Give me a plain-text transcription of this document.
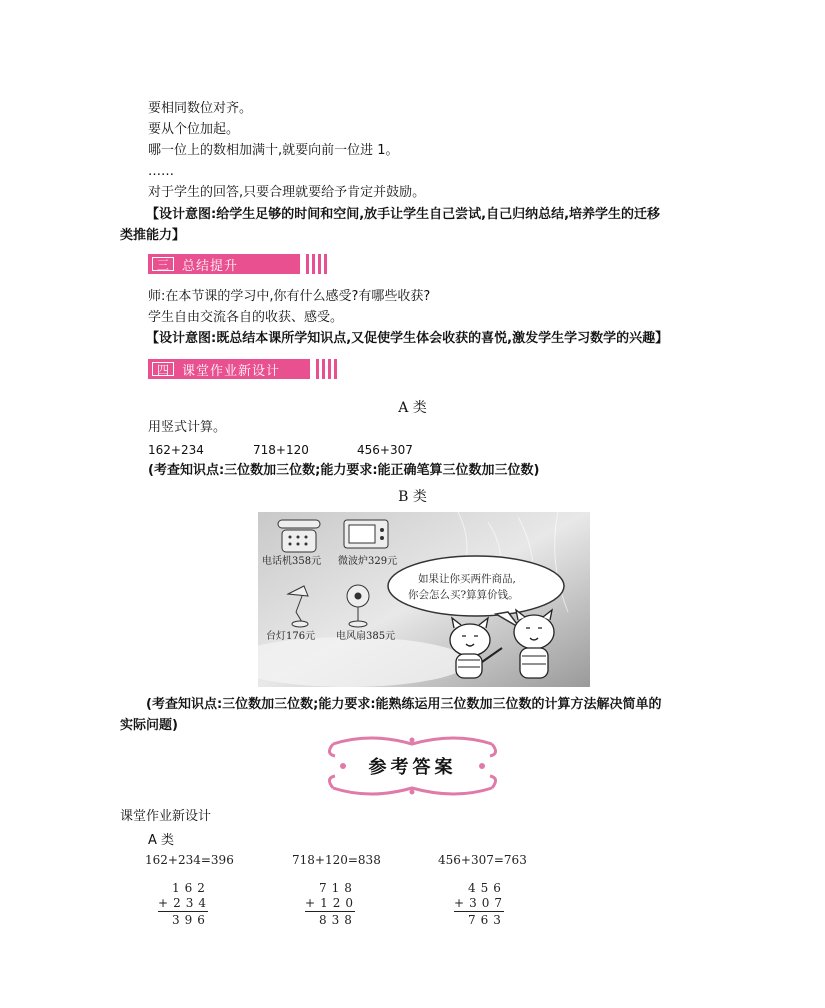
要相同数位对齐。
要从个位加起。
哪一位上的数相加满十,就要向前一位进 1。
……
对于学生的回答,只要合理就要给予肯定并鼓励。
【设计意图:给学生足够的时间和空间,放手让学生自己尝试,自己归纳总结,培养学生的迁移
类推能力】
三	总结提升
师:在本节课的学习中,你有什么感受?有哪些收获?
学生自由交流各自的收获、感受。
【设计意图:既总结本课所学知识点,又促使学生体会收获的喜悦,激发学生学习数学的兴趣】
四	课堂作业新设计
A 类
用竖式计算。
162+234	718+120	456+307
(考查知识点:三位数加三位数;能力要求:能正确笔算三位数加三位数)
B 类
电话机358元 微波炉329元
台灯176元 电风扇385元
如果让你买两件商品,
你会怎么买?算算价钱。
(考查知识点:三位数加三位数;能力要求:能熟练运用三位数加三位数的计算方法解决简单的
实际问题)
参考答案
课堂作业新设计
A 类
162+234=396	718+120=838	456+307=763
162
+234
396
718
+120
838
456
+307
763
